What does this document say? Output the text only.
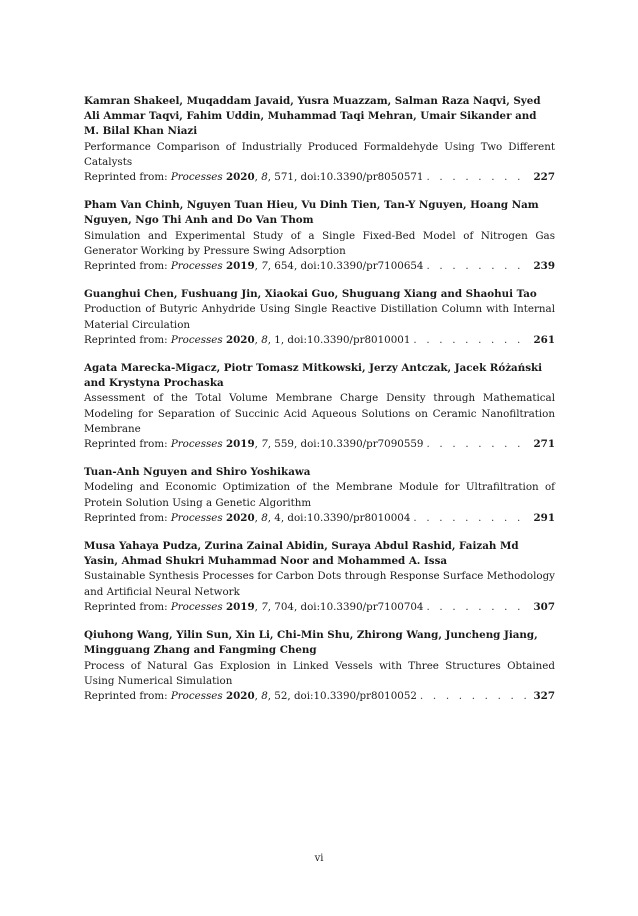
Kamran Shakeel, Muqaddam Javaid, Yusra Muazzam, Salman Raza Naqvi, Syed Ali Ammar Taqvi, Fahim Uddin, Muhammad Taqi Mehran, Umair Sikander and M. Bilal Khan Niazi
Performance Comparison of Industrially Produced Formaldehyde Using Two Different Catalysts
Reprinted from: Processes 2020, 8, 571, doi:10.3390/pr8050571 . . .	227
Pham Van Chinh, Nguyen Tuan Hieu, Vu Dinh Tien, Tan-Y Nguyen, Hoang Nam Nguyen, Ngo Thi Anh and Do Van Thom
Simulation and Experimental Study of a Single Fixed-Bed Model of Nitrogen Gas Generator Working by Pressure Swing Adsorption
Reprinted from: Processes 2019, 7, 654, doi:10.3390/pr7100654 . . .	239
Guanghui Chen, Fushuang Jin, Xiaokai Guo, Shuguang Xiang and Shaohui Tao
Production of Butyric Anhydride Using Single Reactive Distillation Column with Internal Material Circulation
Reprinted from: Processes 2020, 8, 1, doi:10.3390/pr8010001 . . .	261
Agata Marecka-Migacz, Piotr Tomasz Mitkowski, Jerzy Antczak, Jacek Różański and Krystyna Prochaska
Assessment of the Total Volume Membrane Charge Density through Mathematical Modeling for Separation of Succinic Acid Aqueous Solutions on Ceramic Nanofiltration Membrane
Reprinted from: Processes 2019, 7, 559, doi:10.3390/pr7090559 . . .	271
Tuan-Anh Nguyen and Shiro Yoshikawa
Modeling and Economic Optimization of the Membrane Module for Ultrafiltration of Protein Solution Using a Genetic Algorithm
Reprinted from: Processes 2020, 8, 4, doi:10.3390/pr8010004 . . .	291
Musa Yahaya Pudza, Zurina Zainal Abidin, Suraya Abdul Rashid, Faizah Md Yasin, Ahmad Shukri Muhammad Noor and Mohammed A. Issa
Sustainable Synthesis Processes for Carbon Dots through Response Surface Methodology and Artificial Neural Network
Reprinted from: Processes 2019, 7, 704, doi:10.3390/pr7100704 . . .	307
Qiuhong Wang, Yilin Sun, Xin Li, Chi-Min Shu, Zhirong Wang, Juncheng Jiang, Mingguang Zhang and Fangming Cheng
Process of Natural Gas Explosion in Linked Vessels with Three Structures Obtained Using Numerical Simulation
Reprinted from: Processes 2020, 8, 52, doi:10.3390/pr8010052 . . .	327
vi
